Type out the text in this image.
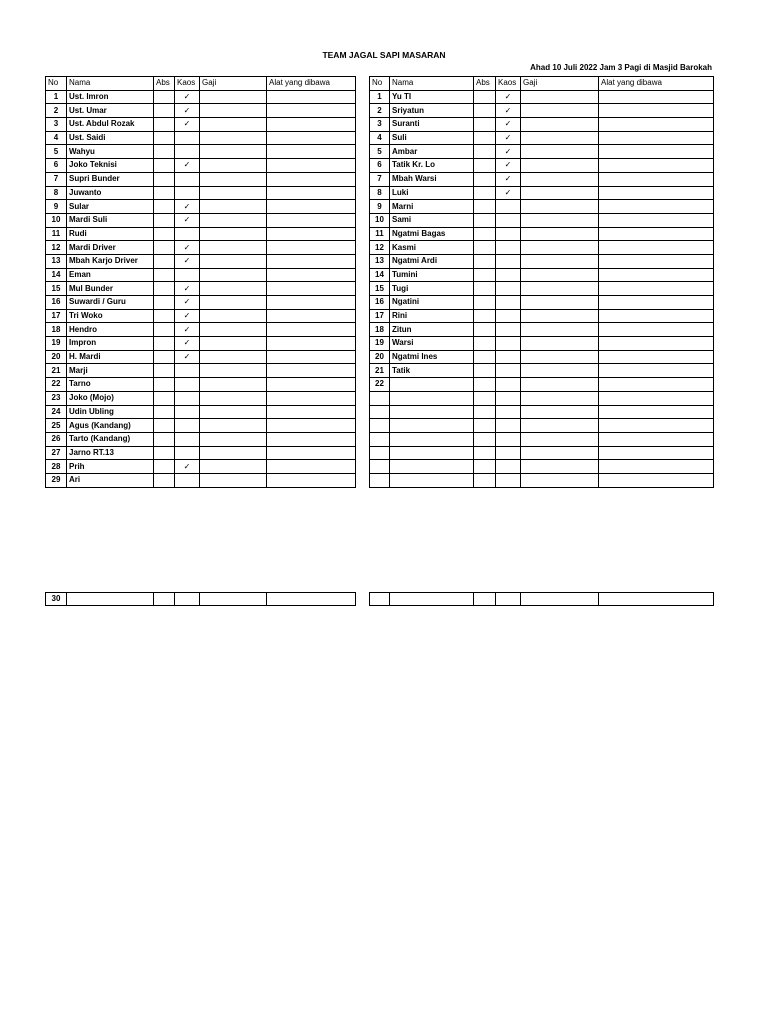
TEAM JAGAL SAPI MASARAN
Ahad 10 Juli 2022 Jam 3 Pagi di Masjid Barokah
No	Nama	Abs	Kaos	Gaji	Alat yang dibawa
1	Ust. Imron		✓		
2	Ust. Umar		✓		
3	Ust. Abdul Rozak		✓		
4	Ust. Saidi				
5	Wahyu				
6	Joko Teknisi		✓		
7	Supri Bunder				
8	Juwanto				
9	Sular		✓		
10	Mardi Suli		✓		
11	Rudi				
12	Mardi Driver		✓		
13	Mbah Karjo Driver		✓		
14	Eman				
15	Mul Bunder		✓		
16	Suwardi / Guru		✓		
17	Tri Woko		✓		
18	Hendro		✓		
19	Impron		✓		
20	H. Mardi		✓		
21	Marji				
22	Tarno				
23	Joko (Mojo)				
24	Udin Ubling				
25	Agus (Kandang)				
26	Tarto (Kandang)				
27	Jarno RT.13				
28	Prih		✓		
29	Ari				
No	Nama	Abs	Kaos	Gaji	Alat yang dibawa
1	Yu TI		✓		
2	Sriyatun		✓		
3	Suranti		✓		
4	Suli		✓		
5	Ambar		✓		
6	Tatik Kr. Lo		✓		
7	Mbah Warsi		✓		
8	Luki		✓		
9	Marni				
10	Sami				
11	Ngatmi Bagas				
12	Kasmi				
13	Ngatmi Ardi				
14	Tumini				
15	Tugi				
16	Ngatini				
17	Rini				
18	Zitun				
19	Warsi				
20	Ngatmi Ines				
21	Tatik				
22					

30					
